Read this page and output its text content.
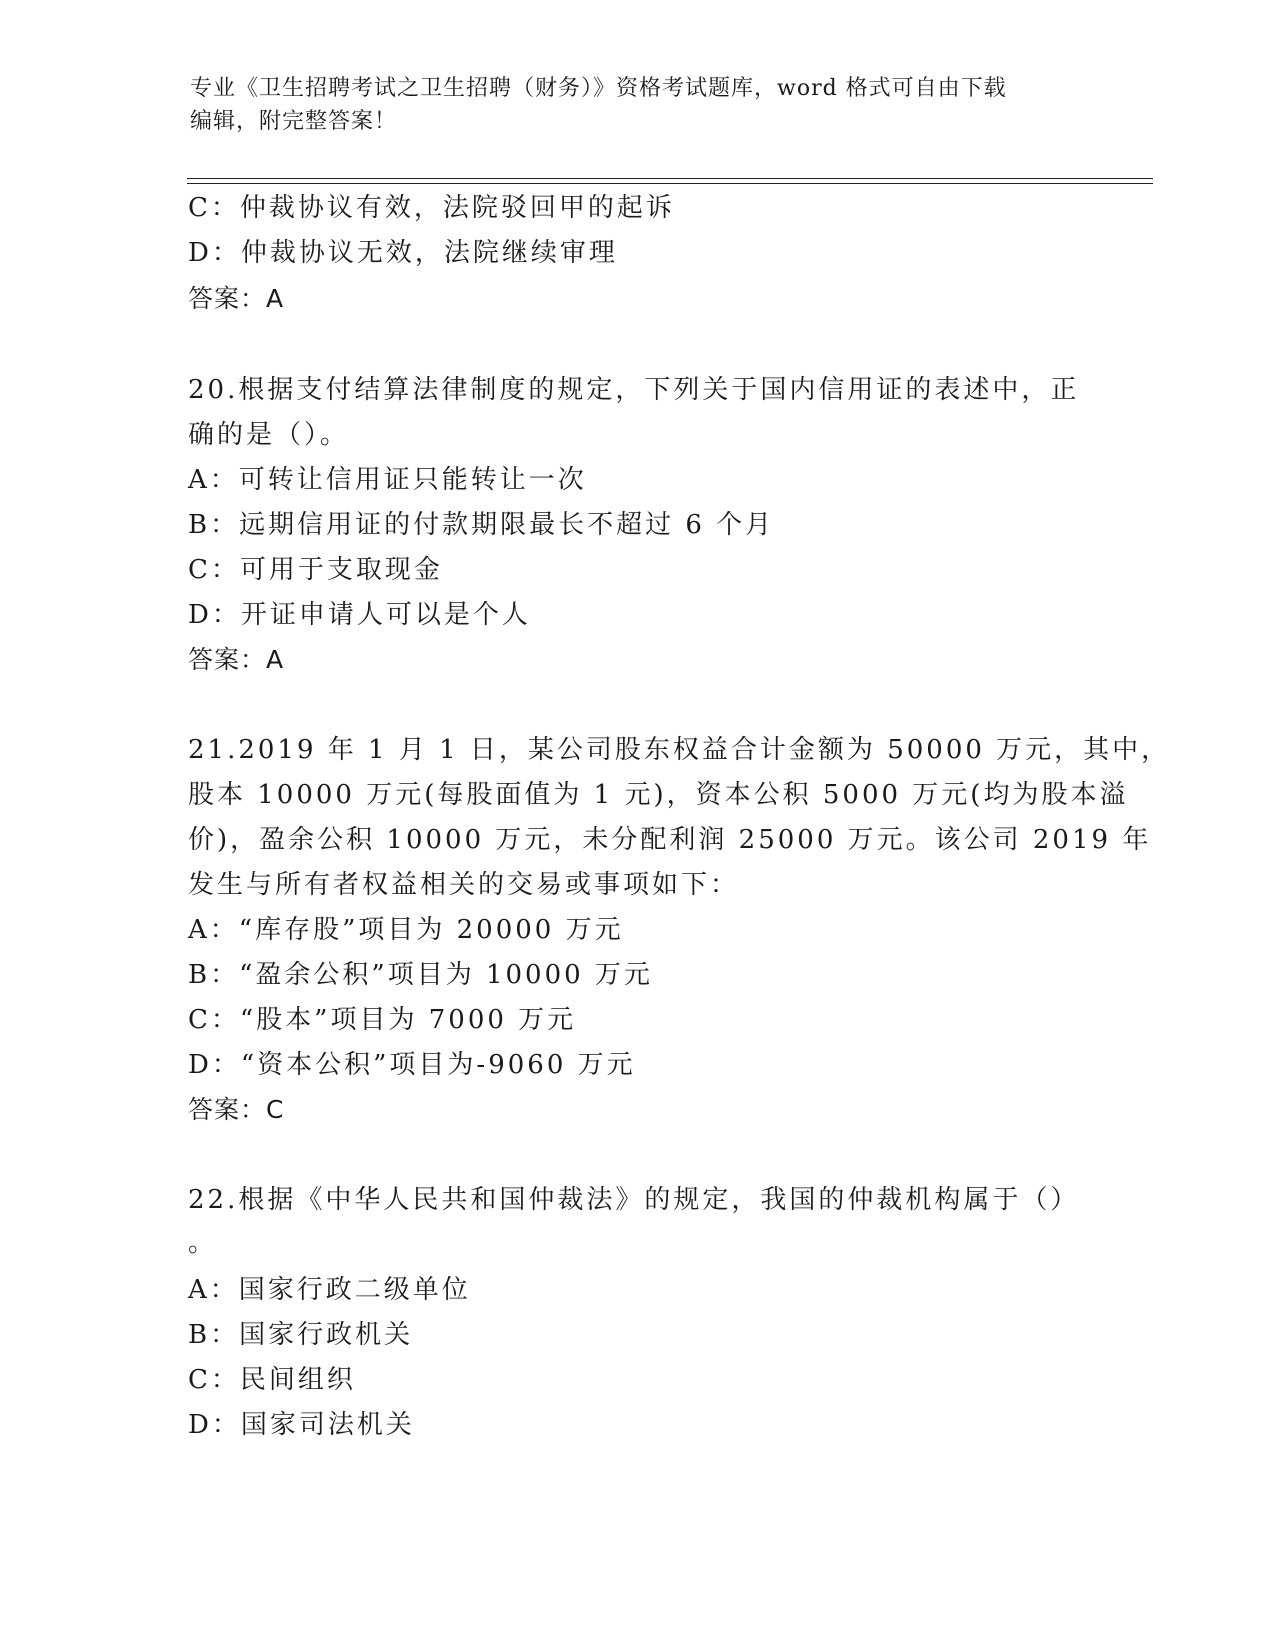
专业《卫生招聘考试之卫生招聘（财务）》资格考试题库，word 格式可自由下载
编辑，附完整答案！
C：仲裁协议有效，法院驳回甲的起诉
D：仲裁协议无效，法院继续审理
答案：A
20.根据支付结算法律制度的规定，下列关于国内信用证的表述中，正
确的是（）。
A：可转让信用证只能转让一次
B：远期信用证的付款期限最长不超过 6 个月
C：可用于支取现金
D：开证申请人可以是个人
答案：A
21.2019 年 1 月 1 日，某公司股东权益合计金额为 50000 万元，其中，
股本 10000 万元(每股面值为 1 元)，资本公积 5000 万元(均为股本溢
价)，盈余公积 10000 万元，未分配利润 25000 万元。该公司 2019 年
发生与所有者权益相关的交易或事项如下：
A：“库存股”项目为 20000 万元
B：“盈余公积”项目为 10000 万元
C：“股本”项目为 7000 万元
D：“资本公积”项目为-9060 万元
答案：C
22.根据《中华人民共和国仲裁法》的规定，我国的仲裁机构属于（）
。
A：国家行政二级单位
B：国家行政机关
C：民间组织
D：国家司法机关
